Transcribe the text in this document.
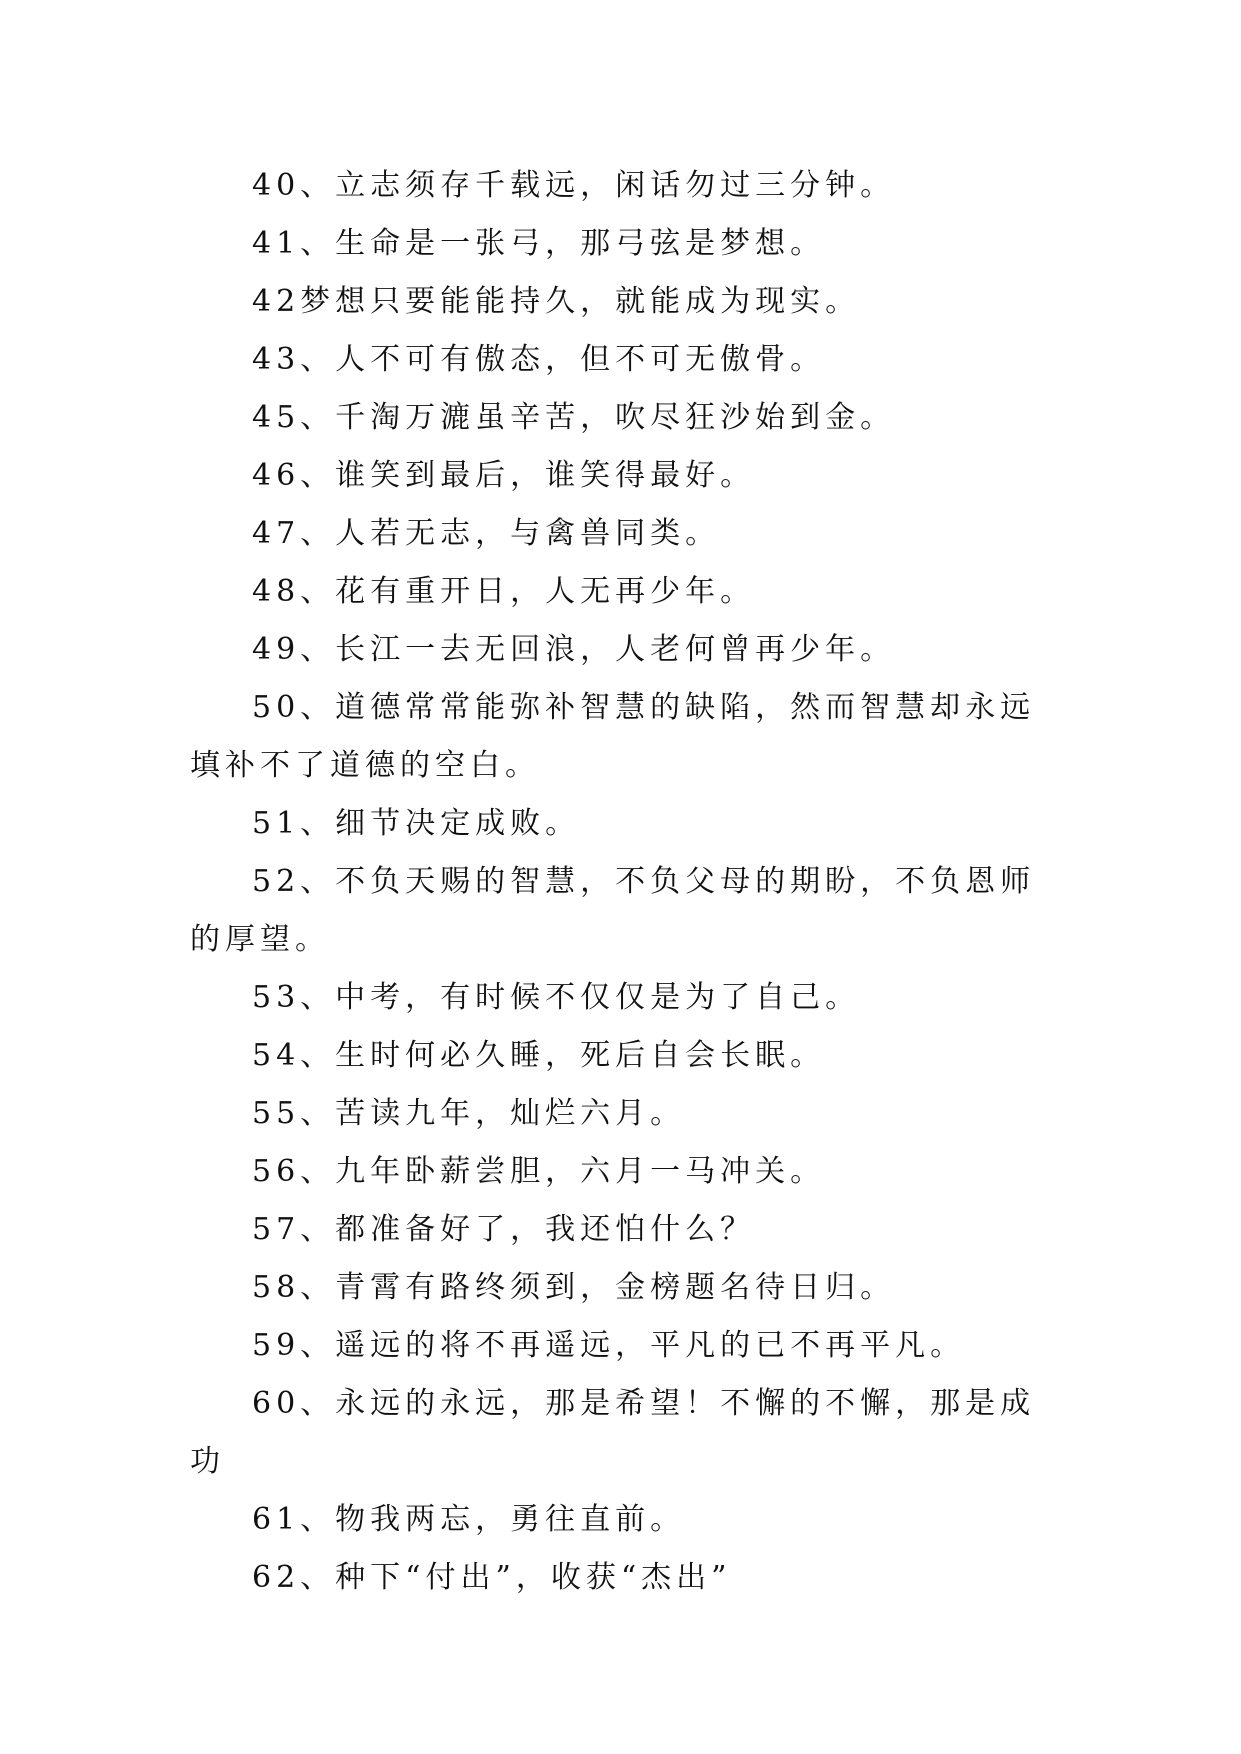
40、立志须存千载远，闲话勿过三分钟。

41、生命是一张弓，那弓弦是梦想。

42梦想只要能能持久，就能成为现实。

43、人不可有傲态，但不可无傲骨。

45、千淘万漉虽辛苦，吹尽狂沙始到金。

46、谁笑到最后，谁笑得最好。

47、人若无志，与禽兽同类。

48、花有重开日，人无再少年。

49、长江一去无回浪，人老何曾再少年。

50、道德常常能弥补智慧的缺陷，然而智慧却永远填补不了道德的空白。

51、细节决定成败。

52、不负天赐的智慧，不负父母的期盼，不负恩师的厚望。

53、中考，有时候不仅仅是为了自己。

54、生时何必久睡，死后自会长眠。

55、苦读九年，灿烂六月。

56、九年卧薪尝胆，六月一马冲关。

57、都准备好了，我还怕什么？

58、青霄有路终须到，金榜题名待日归。

59、遥远的将不再遥远，平凡的已不再平凡。

60、永远的永远，那是希望！不懈的不懈，那是成功

61、物我两忘，勇往直前。

62、种下“付出”，收获“杰出”
